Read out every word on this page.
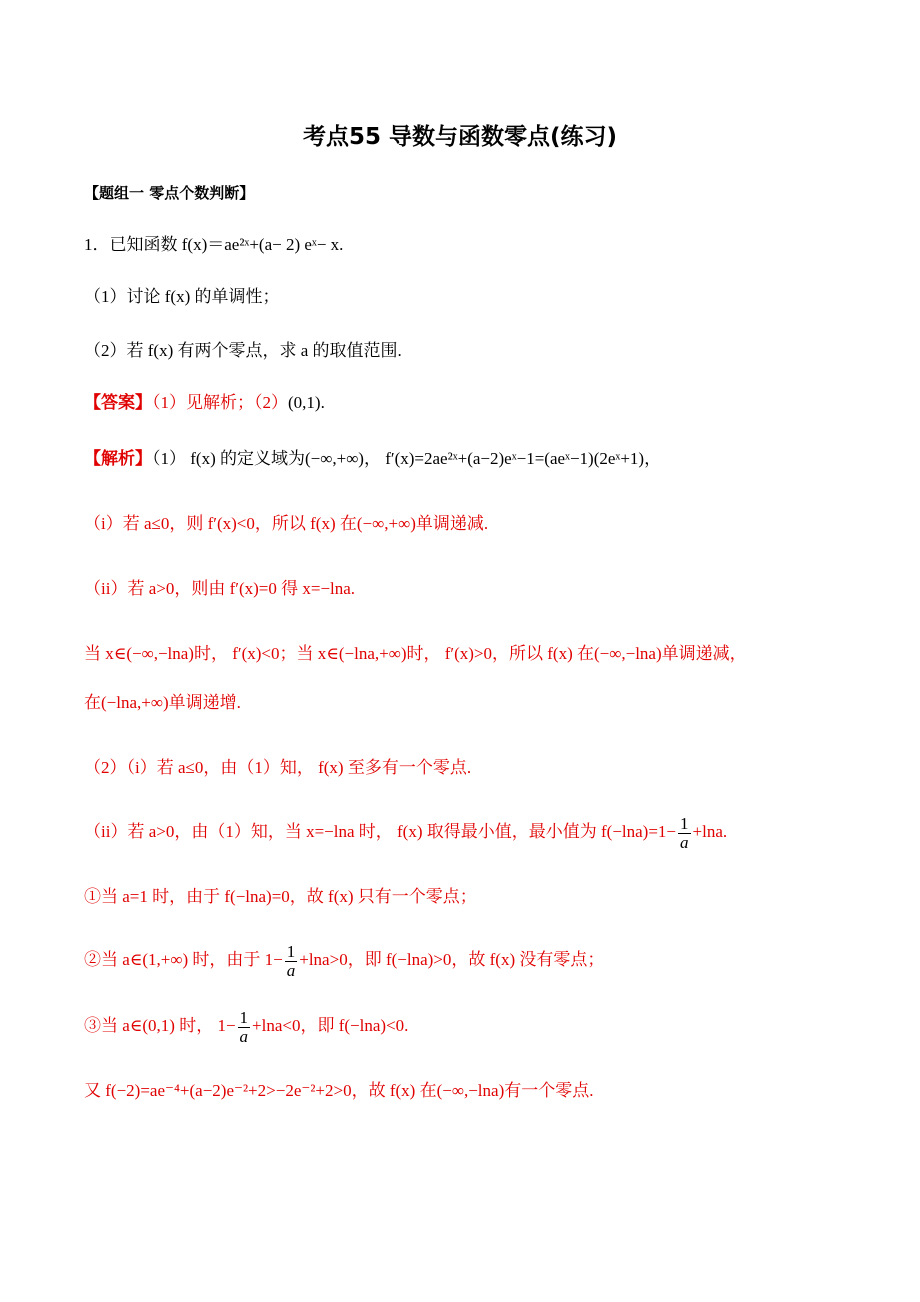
考点55 导数与函数零点(练习)
【题组一 零点个数判断】
1．已知函数 f(x)＝ae²ˣ+(a− 2) eˣ− x.
（1）讨论 f(x) 的单调性；
（2）若 f(x) 有两个零点，求 a 的取值范围.
【答案】（1）见解析；（2）(0,1).
【解析】（1） f(x) 的定义域为(−∞,+∞)， f′(x)=2ae²ˣ+(a−2)eˣ−1=(aeˣ−1)(2eˣ+1)，
（i）若 a≤0，则 f′(x)<0，所以 f(x) 在(−∞,+∞)单调递减.
（ii）若 a>0，则由 f′(x)=0 得 x=−lna.
当 x∈(−∞,−lna)时， f′(x)<0；当 x∈(−lna,+∞)时， f′(x)>0，所以 f(x) 在(−∞,−lna)单调递减，
在(−lna,+∞)单调递增.
（2）（i）若 a≤0，由（1）知， f(x) 至多有一个零点.
（ii）若 a>0，由（1）知，当 x=−lna 时， f(x) 取得最小值，最小值为 $f(-\ln a)=1- \frac{1}{a} +\ln a$.
①当 a=1 时，由于 f(−lna)=0，故 f(x) 只有一个零点；
②当 a∈(1,+∞) 时，由于 $1- \frac{1}{a} +\ln a>0$，即 f(−lna)>0，故 f(x) 没有零点；
③当 a∈(0,1) 时， $1- \frac{1}{a} +\ln a<0$，即 f(−lna)<0.
又 f(−2)=ae⁻⁴+(a−2)e⁻²+2>−2e⁻²+2>0，故 f(x) 在(−∞,−lna)有一个零点.
